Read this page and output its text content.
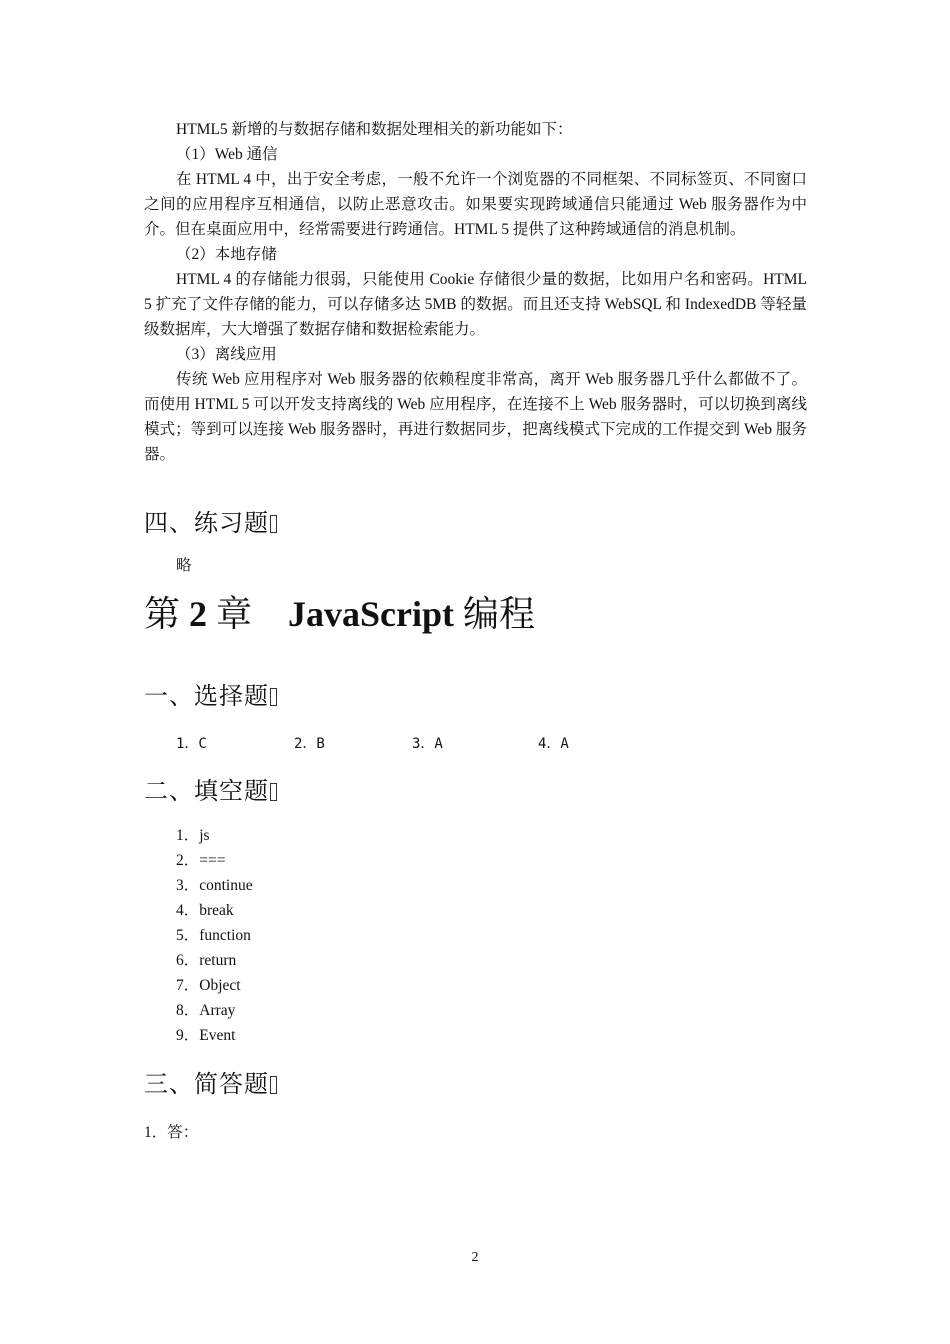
HTML5 新增的与数据存储和数据处理相关的新功能如下：

（1）Web 通信

在 HTML 4 中，出于安全考虑，一般不允许一个浏览器的不同框架、不同标签页、不同窗口之间的应用程序互相通信，以防止恶意攻击。如果要实现跨域通信只能通过 Web 服务器作为中介。但在桌面应用中，经常需要进行跨通信。HTML 5 提供了这种跨域通信的消息机制。

（2）本地存储

HTML 4 的存储能力很弱，只能使用 Cookie 存储很少量的数据，比如用户名和密码。HTML 5 扩充了文件存储的能力，可以存储多达 5MB 的数据。而且还支持 WebSQL 和 IndexedDB 等轻量级数据库，大大增强了数据存储和数据检索能力。

（3）离线应用

传统 Web 应用程序对 Web 服务器的依赖程度非常高，离开 Web 服务器几乎什么都做不了。而使用 HTML 5 可以开发支持离线的 Web 应用程序，在连接不上 Web 服务器时，可以切换到离线模式；等到可以连接 Web 服务器时，再进行数据同步，把离线模式下完成的工作提交到 Web 服务器。

四、练习题
略
第 2 章 JavaScript 编程
一、选择题
1．C	2．B	3．A	4．A
二、填空题
1．js
2．===
3．continue
4．break
5．function
6．return
7．Object
8．Array
9．Event
三、简答题
1．答：
2
